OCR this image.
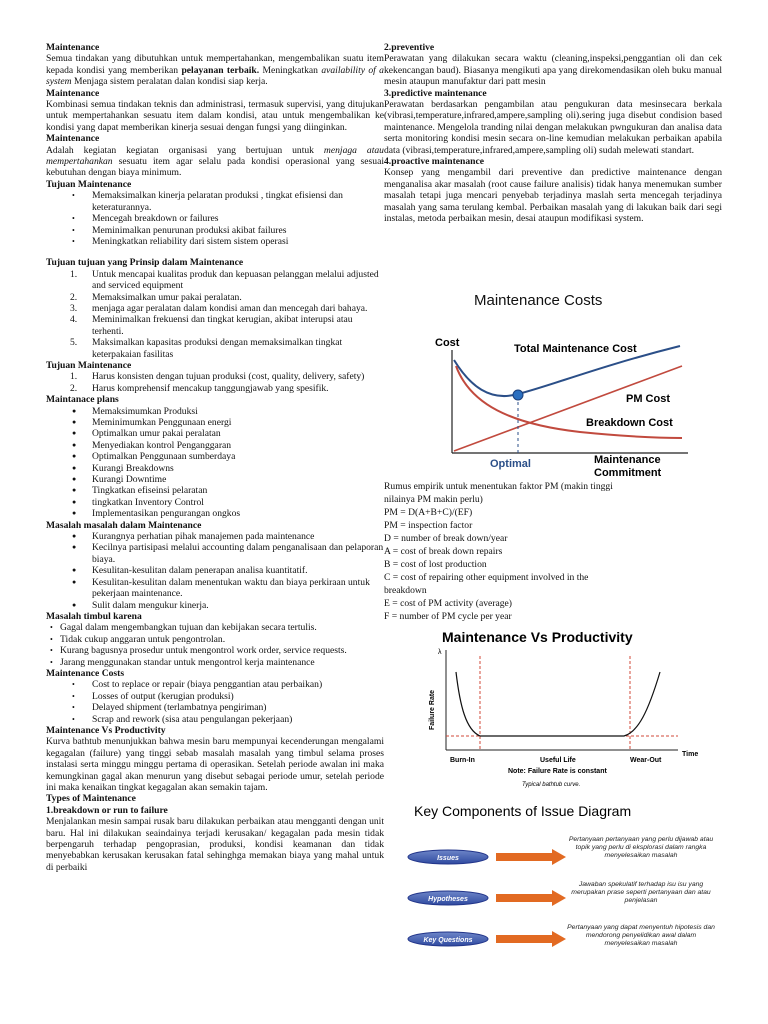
Maintenance

Semua tindakan yang dibutuhkan untuk mempertahankan, mengembalikan suatu item kepada kondisi yang memberikan pelayanan terbaik. Meningkatkan availability of a system Menjaga sistem peralatan dalan kondisi siap kerja.

Maintenance

Kombinasi semua tindakan teknis dan administrasi, termasuk supervisi, yang ditujukan untuk mempertahankan sesuatu item dalam kondisi, atau untuk mengembalikan ke kondisi yang dapat memberikan kinerja sesuai dengan fungsi yang diinginkan.

Maintenance

Adalah kegiatan kegiatan organisasi yang bertujuan untuk menjaga atau mempertahankan sesuatu item agar selalu pada kondisi operasional yang sesuai kebutuhan dengan biaya minimum.

Tujuan Maintenance
• Memaksimalkan kinerja pelaratan produksi , tingkat efisiensi dan keteraturannya.
• Mencegah breakdown or failures
• Meminimalkan penurunan produksi akibat failures
• Meningkatkan reliability dari sistem sistem operasi
Tujuan tujuan yang Prinsip dalam Maintenance
1. Untuk mencapai kualitas produk dan kepuasan pelanggan melalui adjusted and serviced equipment
2. Memaksimalkan umur pakai peralatan.
3. menjaga agar peralatan dalam kondisi aman dan mencegah dari bahaya.
4. Meminimalkan frekuensi dan tingkat kerugian, akibat interupsi atau terhenti.
5. Maksimalkan kapasitas produksi dengan memaksimalkan tingkat keterpakaian fasilitas
Tujuan Maintenance
1. Harus konsisten dengan tujuan produksi (cost, quality, delivery, safety)
2. Harus komprehensif mencakup tanggungjawab yang spesifik.
Maintanace plans
● Memaksimumkan Produksi
● Meminimumkan Penggunaan energi
● Optimalkan umur pakai peralatan
● Menyediakan kontrol Penganggaran
● Optimalkan Penggunaan sumberdaya
● Kurangi Breakdowns
● Kurangi Downtime
● Tingkatkan efiseinsi pelaratan
● tingkatkan Inventory Control
● Implementasikan pengurangan ongkos
Masalah masalah dalam Maintenance
● Kurangnya perhatian pihak manajemen pada maintenance
● Kecilnya partisipasi melalui accounting dalam penganalisaan dan pelaporan biaya.
● Kesulitan-kesulitan dalam penerapan analisa kuantitatif.
● Kesulitan-kesulitan dalam menentukan waktu dan biaya perkiraan untuk pekerjaan maintenance.
● Sulit dalam mengukur kinerja.
Masalah timbul karena
• Gagal dalam mengembangkan tujuan dan kebijakan secara tertulis.
• Tidak cukup anggaran untuk pengontrolan.
• Kurang bagusnya prosedur untuk mengontrol work order, service requests.
• Jarang menggunakan standar untuk mengontrol kerja maintenance
Maintenance Costs
• Cost to replace or repair (biaya penggantian atau perbaikan)
• Losses of output (kerugian produksi)
• Delayed shipment (terlambatnya pengiriman)
• Scrap and rework (sisa atau pengulangan pekerjaan)
Maintenance Vs Productivity

Kurva bathtub menunjukkan bahwa mesin baru mempunyai kecenderungan mengalami kegagalan (failure) yang tinggi sebab masalah masalah yang timbul selama proses instalasi serta minggu minggu pertama di operasikan. Setelah periode awalan ini maka kemungkinan gagal akan menurun yang disebut sebagai periode umur, setelah periode ini maka kenaikan tingkat kegagalan akan semakin tajam.

Types of Maintenance
1.breakdown or run to failure

Menjalankan mesin sampai rusak baru dilakukan perbaikan atau mengganti dengan unit baru. Hal ini dilakukan seaindainya terjadi kerusakan/ kegagalan pada mesin tidak berpengaruh terhadap pengoprasian, produksi, kondisi keamanan dan tidak menyebabkan kerusakan kerusakan fatal sehinghga memakan biaya yang mahal untuk di perbaiki

2.preventive

Perawatan yang dilakukan secara waktu (cleaning,inspeksi,penggantian oli dan cek kekencangan baud). Biasanya mengikuti apa yang direkomendasikan oleh buku manual mesin ataupun manufaktur dari patt mesin

3.predictive maintenance

Perawatan berdasarkan pengambilan atau pengukuran data mesinsecara berkala (vibrasi,temperature,infrared,ampere,sampling oli).sering juga disebut condision based maintenance. Mengelola tranding nilai dengan melakukan pwngukuran dan analisa data serta monitoring kondisi mesin secara on-line kemudian melakukan perbaikan apabila data (vibrasi,temperature,infrared,ampere,sampling oli) sudah melewati standart.

4.proactive maintenance

Konsep yang mengambil dari preventive dan predictive maintenance dengan menganalisa akar masalah (root cause failure analisis) tidak hanya menemukan sumber masalah tetapi juga mencari penyebab terjadinya maslah serta mencegah terjadinya masalah yang sama terulang kembal. Perbaikan masalah yang di lakukan baik dari segi instalas, metoda perbaikan mesin, desai ataupun modifikasi system.

Rumus empirik untuk menentukan faktor PM (makin tinggi nilainya PM makin perlu)
PM = D(A+B+C)/(EF)
PM = inspection factor
D = number of break down/year
A = cost of break down repairs
B = cost of lost production
C = cost of repairing other equipment involved in the breakdown
E = cost of PM activity (average)
F = number of PM cycle per year
Maintenance Costs
Cost	Total Maintenance Cost
PM Cost
Breakdown Cost
Optimal	Maintenance
Commitment
Maintenance Vs Productivity
λ
Failure Rate
Time
Burn-In	Useful Life	Wear-Out
Note: Failure Rate is constant
Typical bathtub curve.
Key Components of Issue Diagram
Issues
Hypotheses
Key Questions
Pertanyaan pertanyaan yang perlu dijawab atau topik yang perlu di eksplorasi dalam rangka menyelesaikan masalah
Jawaban spekulatif terhadap isu isu yang merupakan prase seperti pertanyaan dan atau penjelasan
Pertanyaan yang dapat menyentuh hipotesis dan mendorong penyelidikan awal dalam menyelesaikan masalah
